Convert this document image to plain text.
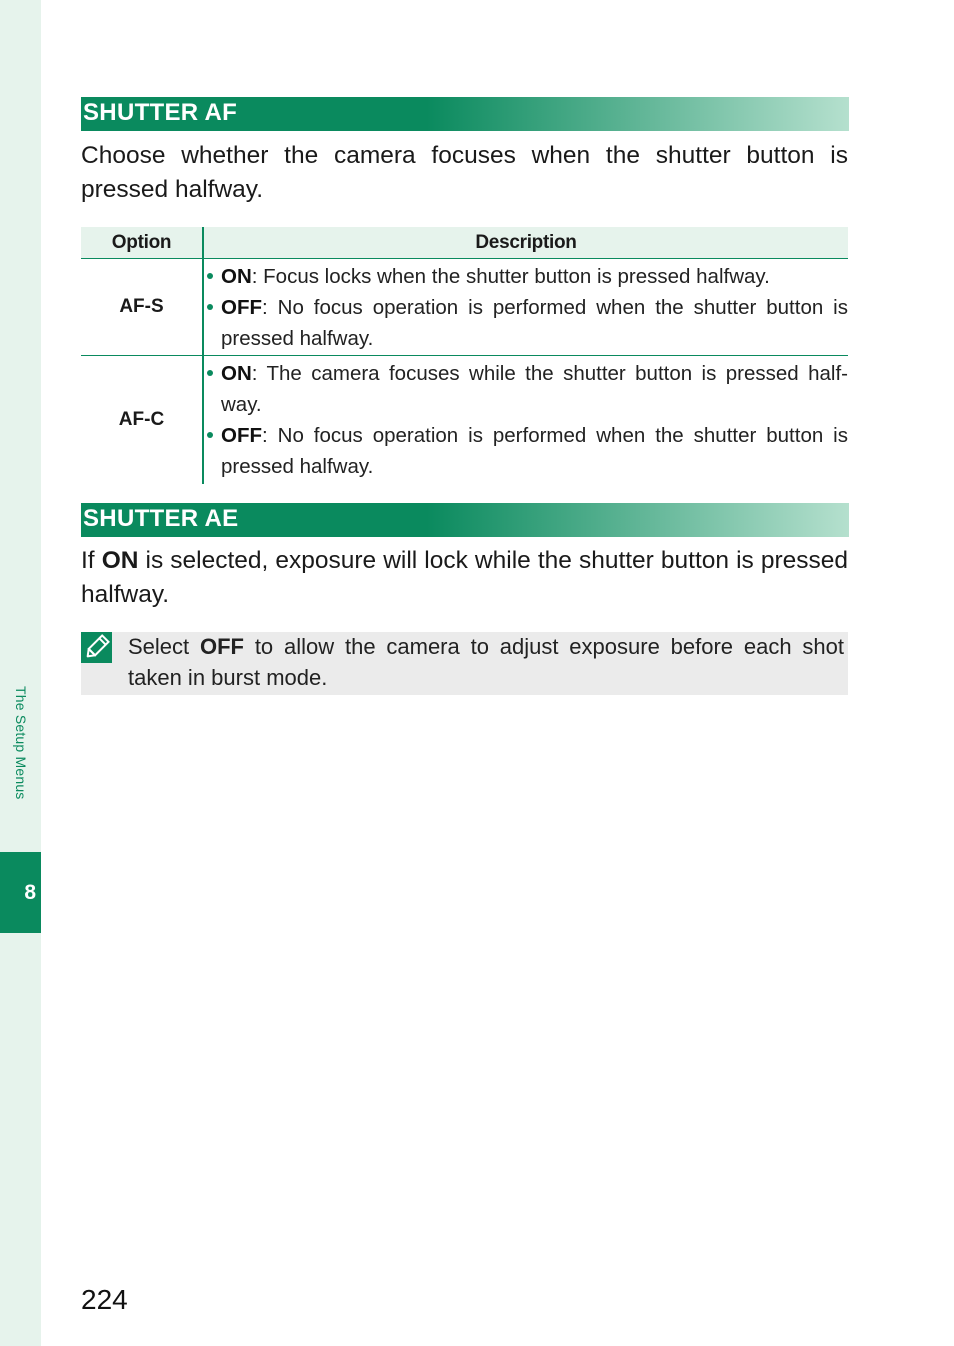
The Setup Menus
8
SHUTTER AF

Choose whether the camera focuses when the shutter button is pressed halfway.

Option	Description
AF-S	ON: Focus locks when the shutter button is pressed halfway.
OFF: No focus operation is performed when the shutter button is pressed halfway.

AF-C	ON: The camera focuses while the shutter button is pressed half-way.
OFF: No focus operation is performed when the shutter button is pressed halfway.
SHUTTER AE

If ON is selected, exposure will lock while the shutter button is pressed halfway.

Select OFF to allow the camera to adjust exposure before each shot taken in burst mode.

224
